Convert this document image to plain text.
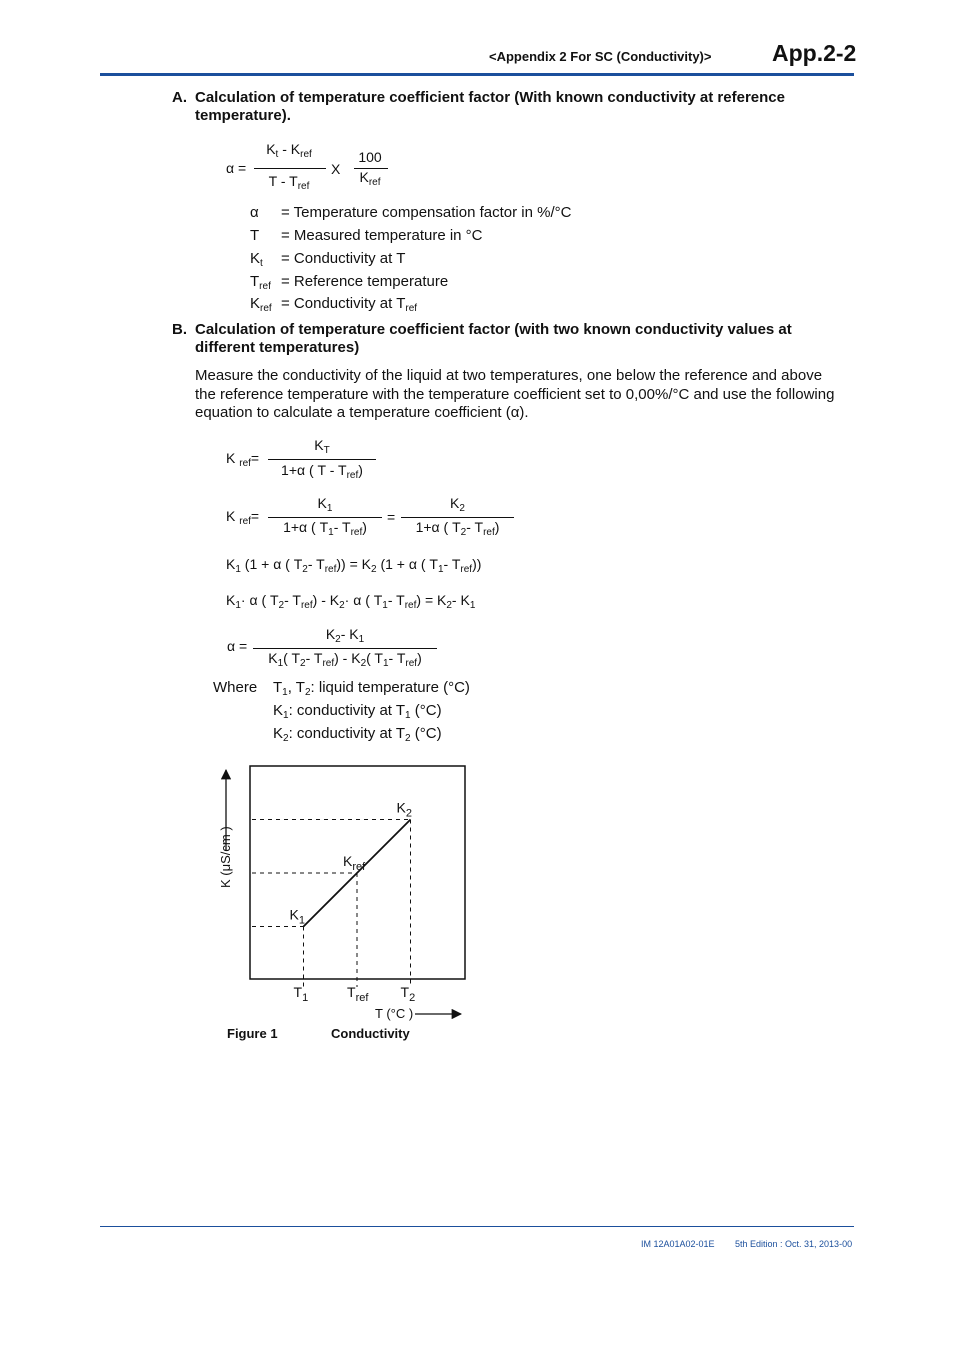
<Appendix 2 For SC (Conductivity)>	App.2-2
A. Calculation of temperature coefficient factor (With known conductivity at reference temperature).
α =
$K_t - K_{ref}$
T - $T_{ref}$
X
100
$K_{ref}$
α = Temperature compensation factor in %/°C
T = Measured temperature in °C
$K_t$ = Conductivity at T
$T_{ref}$ = Reference temperature
$K_{ref}$ = Conductivity at $T_{ref}$
B. Calculation of temperature coefficient factor (with two known conductivity values at different temperatures)
Measure the conductivity of the liquid at two temperatures, one below the reference and above the reference temperature with the temperature coefficient set to 0,00%/°C and use the following equation to calculate a temperature coefficient (α).
K $_{ref}$=
$K_T$
1+α ( T - $T_{ref}$)
K $_{ref}$=
$K_1$
1+α ( $T_1-$ $T_{ref}$)
=
$K_2$
1+α ( $T_2-$ $T_{ref}$)
$K_1$ (1 + α ( $T_2-$ $T_{ref})) = K_2$ (1 + α ( $T_1-$ $T_{ref}$))
$K_1\cdot \alpha$ ( $T_2-$ $T_{ref}) - K_2\cdot \alpha$ ( $T_1-$ $T_{ref}) = K_2-$ $K_1$
α =
$K_2-$ $K_1$
$K_1$( $T_2-$ $T_{ref}) - K_2$( $T_1-$ $T_{ref}$)
Where $T_1$, $T_2$: liquid temperature (°C)
$K_1$: conductivity at $T_1$ (°C)
$K_2$: conductivity at $T_2$ (°C)
K (μS/cm )
T (°C )
$K_1$
$T_1$
$K_{ref}$
$T_{ref}$
$K_2$
$T_2$
Figure 1	Conductivity
IM 12A01A02-01E 5th Edition : Oct. 31, 2013-00
